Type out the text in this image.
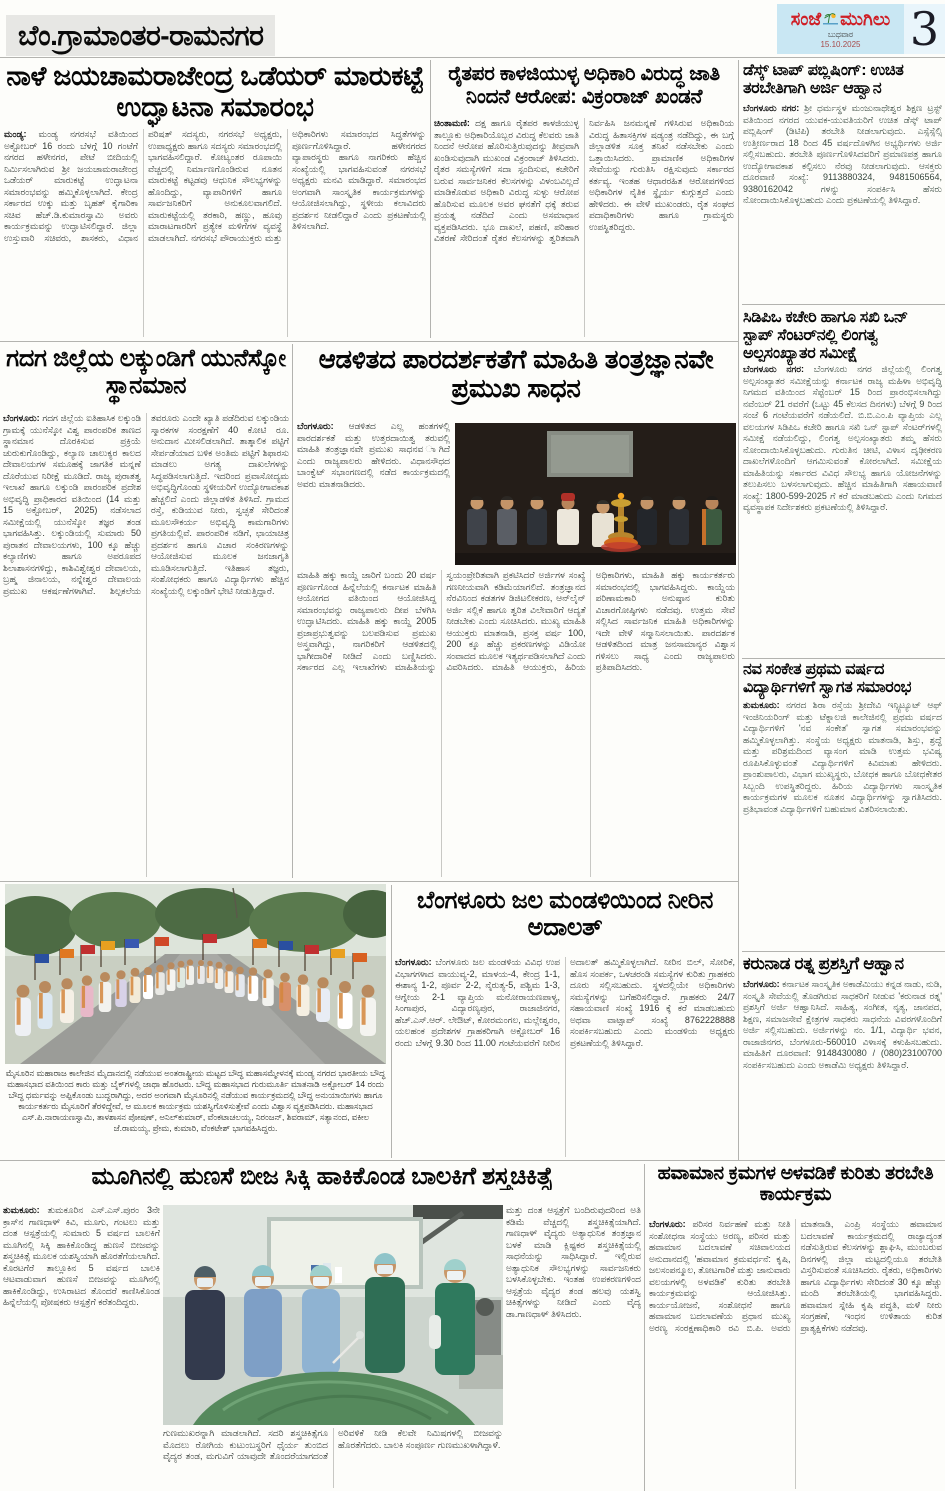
ಬೆಂ.ಗ್ರಾಮಾಂತರ-ರಾಮನಗರ
ಸಂಜೆ ಮುಗಿಲು
ಬುಧವಾರ
15.10.2025 3
ನಾಳೆ ಜಯಚಾಮರಾಜೇಂದ್ರ ಒಡೆಯರ್ ಮಾರುಕಟ್ಟೆ ಉದ್ಘಾಟನಾ ಸಮಾರಂಭ
ಮಂಡ್ಯ: ಮಂಡ್ಯ ನಗರಸಭೆ ವತಿಯಿಂದ ಅಕ್ಟೋಬರ್ 16 ರಂದು ಬೆಳಗ್ಗೆ 10 ಗಂಟೆಗೆ ನಗರದ ಹಳೇನಗರ, ಪೇಟೆ ಬೀದಿಯಲ್ಲಿ ನಿರ್ಮಿಸಲಾಗಿರುವ ಶ್ರೀ ಜಯಚಾಮರಾಜೇಂದ್ರ ಒಡೆಯರ್ ಮಾರುಕಟ್ಟೆ ಉದ್ಘಾಟನಾ ಸಮಾರಂಭವನ್ನು ಹಮ್ಮಿಕೊಳ್ಳಲಾಗಿದೆ. ಕೇಂದ್ರ ಸರ್ಕಾರದ ಉಕ್ಕು ಮತ್ತು ಬೃಹತ್ ಕೈಗಾರಿಕಾ ಸಚಿವ ಹೆಚ್.ಡಿ.ಕುಮಾರಸ್ವಾಮಿ ಅವರು ಕಾರ್ಯಕ್ರಮವನ್ನು ಉದ್ಘಾಟಿಸಲಿದ್ದಾರೆ. ಜಿಲ್ಲಾ ಉಸ್ತುವಾರಿ ಸಚಿವರು, ಶಾಸಕರು, ವಿಧಾನ ಪರಿಷತ್ ಸದಸ್ಯರು, ನಗರಸಭೆ ಅಧ್ಯಕ್ಷರು, ಉಪಾಧ್ಯಕ್ಷರು ಹಾಗೂ ಸದಸ್ಯರು ಸಮಾರಂಭದಲ್ಲಿ ಭಾಗವಹಿಸಲಿದ್ದಾರೆ. ಕೋಟ್ಯಂತರ ರೂಪಾಯಿ ವೆಚ್ಚದಲ್ಲಿ ನಿರ್ಮಾಣಗೊಂಡಿರುವ ನೂತನ ಮಾರುಕಟ್ಟೆ ಕಟ್ಟಡವು ಆಧುನಿಕ ಸೌಲಭ್ಯಗಳನ್ನು ಹೊಂದಿದ್ದು, ವ್ಯಾಪಾರಿಗಳಿಗೆ ಹಾಗೂ ಸಾರ್ವಜನಿಕರಿಗೆ ಅನುಕೂಲವಾಗಲಿದೆ. ಮಾರುಕಟ್ಟೆಯಲ್ಲಿ ತರಕಾರಿ, ಹಣ್ಣು, ಹೂವು ಮಾರಾಟಗಾರರಿಗೆ ಪ್ರತ್ಯೇಕ ಮಳಿಗೆಗಳ ವ್ಯವಸ್ಥೆ ಮಾಡಲಾಗಿದೆ. ನಗರಸಭೆ ಪೌರಾಯುಕ್ತರು ಮತ್ತು ಅಧಿಕಾರಿಗಳು ಸಮಾರಂಭದ ಸಿದ್ಧತೆಗಳನ್ನು ಪೂರ್ಣಗೊಳಿಸಿದ್ದಾರೆ. ಹಳೇನಗರದ ವ್ಯಾಪಾರಸ್ಥರು ಹಾಗೂ ನಾಗರಿಕರು ಹೆಚ್ಚಿನ ಸಂಖ್ಯೆಯಲ್ಲಿ ಭಾಗವಹಿಸುವಂತೆ ನಗರಸಭೆ ಅಧ್ಯಕ್ಷರು ಮನವಿ ಮಾಡಿದ್ದಾರೆ. ಸಮಾರಂಭದ ಅಂಗವಾಗಿ ಸಾಂಸ್ಕೃತಿಕ ಕಾರ್ಯಕ್ರಮಗಳನ್ನು ಆಯೋಜಿಸಲಾಗಿದ್ದು, ಸ್ಥಳೀಯ ಕಲಾವಿದರು ಪ್ರದರ್ಶನ ನೀಡಲಿದ್ದಾರೆ ಎಂದು ಪ್ರಕಟಣೆಯಲ್ಲಿ ತಿಳಿಸಲಾಗಿದೆ.
ರೈತಪರ ಕಾಳಜಿಯುಳ್ಳ ಅಧಿಕಾರಿ ವಿರುದ್ಧ ಜಾತಿ ನಿಂದನೆ ಆರೋಪ: ವಿಕ್ರಂರಾಜ್ ಖಂಡನೆ
ಚಿಂತಾಮಣಿ: ದಕ್ಷ ಹಾಗೂ ರೈತಪರ ಕಾಳಜಿಯುಳ್ಳ ತಾಲ್ಲೂಕು ಅಧಿಕಾರಿಯೊಬ್ಬರ ವಿರುದ್ಧ ಕೆಲವರು ಜಾತಿ ನಿಂದನೆ ಆರೋಪ ಹೊರಿಸುತ್ತಿರುವುದನ್ನು ತೀವ್ರವಾಗಿ ಖಂಡಿಸುವುದಾಗಿ ಮುಖಂಡ ವಿಕ್ರಂರಾಜ್ ತಿಳಿಸಿದರು. ರೈತರ ಸಮಸ್ಯೆಗಳಿಗೆ ಸದಾ ಸ್ಪಂದಿಸುವ, ಕಚೇರಿಗೆ ಬರುವ ಸಾರ್ವಜನಿಕರ ಕೆಲಸಗಳನ್ನು ವಿಳಂಬವಿಲ್ಲದೆ ಮಾಡಿಕೊಡುವ ಅಧಿಕಾರಿ ವಿರುದ್ಧ ಸುಳ್ಳು ಆರೋಪ ಹೊರಿಸುವ ಮೂಲಕ ಅವರ ಘನತೆಗೆ ಧಕ್ಕೆ ತರುವ ಪ್ರಯತ್ನ ನಡೆದಿದೆ ಎಂದು ಅಸಮಾಧಾನ ವ್ಯಕ್ತಪಡಿಸಿದರು. ಭೂ ದಾಖಲೆ, ಪಹಣಿ, ಪರಿಹಾರ ವಿತರಣೆ ಸೇರಿದಂತೆ ರೈತರ ಕೆಲಸಗಳನ್ನು ತ್ವರಿತವಾಗಿ ನಿರ್ವಹಿಸಿ ಜನಮನ್ನಣೆ ಗಳಿಸಿರುವ ಅಧಿಕಾರಿಯ ವಿರುದ್ಧ ಹಿತಾಸಕ್ತಿಗಳ ಷಡ್ಯಂತ್ರ ನಡೆದಿದ್ದು, ಈ ಬಗ್ಗೆ ಜಿಲ್ಲಾಡಳಿತ ಸೂಕ್ತ ತನಿಖೆ ನಡೆಸಬೇಕು ಎಂದು ಒತ್ತಾಯಿಸಿದರು. ಪ್ರಾಮಾಣಿಕ ಅಧಿಕಾರಿಗಳ ಸೇವೆಯನ್ನು ಗುರುತಿಸಿ ರಕ್ಷಿಸುವುದು ಸರ್ಕಾರದ ಕರ್ತವ್ಯ. ಇಂತಹ ಆಧಾರರಹಿತ ಆರೋಪಗಳಿಂದ ಅಧಿಕಾರಿಗಳ ನೈತಿಕ ಸ್ಥೈರ್ಯ ಕುಗ್ಗುತ್ತದೆ ಎಂದು ಹೇಳಿದರು. ಈ ವೇಳೆ ಮುಖಂಡರು, ರೈತ ಸಂಘದ ಪದಾಧಿಕಾರಿಗಳು ಹಾಗೂ ಗ್ರಾಮಸ್ಥರು ಉಪಸ್ಥಿತರಿದ್ದರು.
ಡೆಸ್ಕ್ ಟಾಪ್ ಪಬ್ಲಿಷಿಂಗ್: ಉಚಿತ ತರಬೇತಿಗಾಗಿ ಅರ್ಜಿ ಆಹ್ವಾನ
ಬೆಂಗಳೂರು ನಗರ: ಶ್ರೀ ಧರ್ಮಸ್ಥಳ ಮಂಜುನಾಥೇಶ್ವರ ಶಿಕ್ಷಣ ಟ್ರಸ್ಟ್ ವತಿಯಿಂದ ನಗರದ ಯುವಕ-ಯುವತಿಯರಿಗೆ ಉಚಿತ ಡೆಸ್ಕ್ ಟಾಪ್ ಪಬ್ಲಿಷಿಂಗ್ (ಡಿಟಿಪಿ) ತರಬೇತಿ ನೀಡಲಾಗುವುದು. ಎಸ್ಸೆಸ್ಸೆಲ್ಸಿ ಉತ್ತೀರ್ಣರಾದ 18 ರಿಂದ 45 ವರ್ಷದೊಳಗಿನ ಅಭ್ಯರ್ಥಿಗಳು ಅರ್ಜಿ ಸಲ್ಲಿಸಬಹುದು. ತರಬೇತಿ ಪೂರ್ಣಗೊಳಿಸಿದವರಿಗೆ ಪ್ರಮಾಣಪತ್ರ ಹಾಗೂ ಉದ್ಯೋಗಾವಕಾಶ ಕಲ್ಪಿಸಲು ನೆರವು ನೀಡಲಾಗುವುದು. ಆಸಕ್ತರು ದೂರವಾಣಿ ಸಂಖ್ಯೆ: 9113880324, 9481506564, 9380162042 ಗಳನ್ನು ಸಂಪರ್ಕಿಸಿ ಹೆಸರು ನೋಂದಾಯಿಸಿಕೊಳ್ಳಬಹುದು ಎಂದು ಪ್ರಕಟಣೆಯಲ್ಲಿ ತಿಳಿಸಿದ್ದಾರೆ.
ಸಿಡಿಪಿಒ ಕಚೇರಿ ಹಾಗೂ ಸಖಿ ಒನ್ ಸ್ಟಾಪ್ ಸೆಂಟರ್‌ನಲ್ಲಿ ಲಿಂಗತ್ವ ಅಲ್ಪಸಂಖ್ಯಾತರ ಸಮೀಕ್ಷೆ
ಬೆಂಗಳೂರು ನಗರ: ಬೆಂಗಳೂರು ನಗರ ಜಿಲ್ಲೆಯಲ್ಲಿ ಲಿಂಗತ್ವ ಅಲ್ಪಸಂಖ್ಯಾತರ ಸಮೀಕ್ಷೆಯನ್ನು ಕರ್ನಾಟಕ ರಾಜ್ಯ ಮಹಿಳಾ ಅಭಿವೃದ್ಧಿ ನಿಗಮದ ವತಿಯಿಂದ ಸೆಪ್ಟೆಂಬರ್ 15 ರಿಂದ ಪ್ರಾರಂಭಿಸಲಾಗಿದ್ದು ನವೆಂಬರ್ 21 ರವರೆಗೆ (ಒಟ್ಟು 45 ಕೆಲಸದ ದಿನಗಳು) ಬೆಳಗ್ಗೆ 9 ರಿಂದ ಸಂಜೆ 6 ಗಂಟೆಯವರೆಗೆ ನಡೆಯಲಿದೆ. ಬಿ.ಬಿ.ಎಂ.ಪಿ ವ್ಯಾಪ್ತಿಯ ಎಲ್ಲ ವಲಯಗಳ ಸಿಡಿಪಿಒ ಕಚೇರಿ ಹಾಗೂ ಸಖಿ ಒನ್ ಸ್ಟಾಪ್ ಸೆಂಟರ್‌ಗಳಲ್ಲಿ ಸಮೀಕ್ಷೆ ನಡೆಯಲಿದ್ದು, ಲಿಂಗತ್ವ ಅಲ್ಪಸಂಖ್ಯಾತರು ತಮ್ಮ ಹೆಸರು ನೋಂದಾಯಿಸಿಕೊಳ್ಳಬಹುದು. ಗುರುತಿನ ಚೀಟಿ, ವಿಳಾಸ ದೃಢೀಕರಣ ದಾಖಲೆಗಳೊಂದಿಗೆ ಆಗಮಿಸುವಂತೆ ಕೋರಲಾಗಿದೆ. ಸಮೀಕ್ಷೆಯ ಮಾಹಿತಿಯನ್ನು ಸರ್ಕಾರದ ವಿವಿಧ ಸೌಲಭ್ಯ ಹಾಗೂ ಯೋಜನೆಗಳನ್ನು ತಲುಪಿಸಲು ಬಳಸಲಾಗುವುದು. ಹೆಚ್ಚಿನ ಮಾಹಿತಿಗಾಗಿ ಸಹಾಯವಾಣಿ ಸಂಖ್ಯೆ: 1800-599-2025 ಗೆ ಕರೆ ಮಾಡಬಹುದು ಎಂದು ನಿಗಮದ ವ್ಯವಸ್ಥಾಪಕ ನಿರ್ದೇಶಕರು ಪ್ರಕಟಣೆಯಲ್ಲಿ ತಿಳಿಸಿದ್ದಾರೆ.
ನವ ಸಂಕೇತ ಪ್ರಥಮ ವರ್ಷದ ವಿದ್ಯಾರ್ಥಿಗಳಿಗೆ ಸ್ವಾಗತ ಸಮಾರಂಭ
ತುಮಕೂರು: ನಗರದ ಶಿರಾ ರಸ್ತೆಯ ಶ್ರೀದೇವಿ ಇನ್ಸ್ಟಿಟ್ಯೂಟ್ ಆಫ್ ಇಂಜಿನಿಯರಿಂಗ್ ಮತ್ತು ಟೆಕ್ನಾಲಜಿ ಕಾಲೇಜಿನಲ್ಲಿ ಪ್ರಥಮ ವರ್ಷದ ವಿದ್ಯಾರ್ಥಿಗಳಿಗೆ 'ನವ ಸಂಕೇತ' ಸ್ವಾಗತ ಸಮಾರಂಭವನ್ನು ಹಮ್ಮಿಕೊಳ್ಳಲಾಗಿತ್ತು. ಸಂಸ್ಥೆಯ ಅಧ್ಯಕ್ಷರು ಮಾತನಾಡಿ, ಶಿಸ್ತು, ಶ್ರದ್ಧೆ ಮತ್ತು ಪರಿಶ್ರಮದಿಂದ ವ್ಯಾಸಂಗ ಮಾಡಿ ಉತ್ತಮ ಭವಿಷ್ಯ ರೂಪಿಸಿಕೊಳ್ಳುವಂತೆ ವಿದ್ಯಾರ್ಥಿಗಳಿಗೆ ಕಿವಿಮಾತು ಹೇಳಿದರು. ಪ್ರಾಂಶುಪಾಲರು, ವಿಭಾಗ ಮುಖ್ಯಸ್ಥರು, ಬೋಧಕ ಹಾಗೂ ಬೋಧಕೇತರ ಸಿಬ್ಬಂದಿ ಉಪಸ್ಥಿತರಿದ್ದರು. ಹಿರಿಯ ವಿದ್ಯಾರ್ಥಿಗಳು ಸಾಂಸ್ಕೃತಿಕ ಕಾರ್ಯಕ್ರಮಗಳ ಮೂಲಕ ನೂತನ ವಿದ್ಯಾರ್ಥಿಗಳನ್ನು ಸ್ವಾಗತಿಸಿದರು. ಪ್ರತಿಭಾವಂತ ವಿದ್ಯಾರ್ಥಿಗಳಿಗೆ ಬಹುಮಾನ ವಿತರಿಸಲಾಯಿತು.
ಕರುನಾಡ ರತ್ನ ಪ್ರಶಸ್ತಿಗೆ ಆಹ್ವಾನ
ಬೆಂಗಳೂರು: ಕರ್ನಾಟಕ ಸಾಂಸ್ಕೃತಿಕ ಅಕಾಡೆಮಿಯು ಕನ್ನಡ ನಾಡು, ನುಡಿ, ಸಂಸ್ಕೃತಿ ಸೇವೆಯಲ್ಲಿ ತೊಡಗಿರುವ ಸಾಧಕರಿಗೆ ನೀಡುವ 'ಕರುನಾಡ ರತ್ನ' ಪ್ರಶಸ್ತಿಗೆ ಅರ್ಜಿ ಆಹ್ವಾನಿಸಿದೆ. ಸಾಹಿತ್ಯ, ಸಂಗೀತ, ನೃತ್ಯ, ಜಾನಪದ, ಶಿಕ್ಷಣ, ಸಮಾಜಸೇವೆ ಕ್ಷೇತ್ರಗಳ ಸಾಧಕರು ಸಾಧನೆಯ ವಿವರಗಳೊಂದಿಗೆ ಅರ್ಜಿ ಸಲ್ಲಿಸಬಹುದು. ಅರ್ಜಿಗಳನ್ನು ನಂ. 1/1, ವಿದ್ಯಾರ್ಥಿ ಭವನ, ರಾಜಾಜಿನಗರ, ಬೆಂಗಳೂರು-560010 ವಿಳಾಸಕ್ಕೆ ಕಳುಹಿಸಬಹುದು. ಮಾಹಿತಿಗೆ ದೂರವಾಣಿ: 9148430080 / (080)23100700 ಸಂಪರ್ಕಿಸಬಹುದು ಎಂದು ಅಕಾಡೆಮಿ ಅಧ್ಯಕ್ಷರು ತಿಳಿಸಿದ್ದಾರೆ.
ಗದಗ ಜಿಲ್ಲೆಯ ಲಕ್ಕುಂಡಿಗೆ ಯುನೆಸ್ಕೋ ಸ್ಥಾನಮಾನ
ಬೆಂಗಳೂರು: ಗದಗ ಜಿಲ್ಲೆಯ ಐತಿಹಾಸಿಕ ಲಕ್ಕುಂಡಿ ಗ್ರಾಮಕ್ಕೆ ಯುನೆಸ್ಕೋ ವಿಶ್ವ ಪಾರಂಪರಿಕ ತಾಣದ ಸ್ಥಾನಮಾನ ದೊರಕಿಸುವ ಪ್ರಕ್ರಿಯೆ ಚುರುಕುಗೊಂಡಿದ್ದು, ಕಲ್ಯಾಣ ಚಾಲುಕ್ಯರ ಕಾಲದ ದೇವಾಲಯಗಳ ಸಮೂಹಕ್ಕೆ ಜಾಗತಿಕ ಮನ್ನಣೆ ದೊರೆಯುವ ನಿರೀಕ್ಷೆ ಮೂಡಿದೆ. ರಾಜ್ಯ ಪುರಾತತ್ವ ಇಲಾಖೆ ಹಾಗೂ ಲಕ್ಕುಂಡಿ ಪಾರಂಪರಿಕ ಪ್ರದೇಶ ಅಭಿವೃದ್ಧಿ ಪ್ರಾಧಿಕಾರದ ವತಿಯಿಂದ (14 ಮತ್ತು 15 ಅಕ್ಟೋಬರ್, 2025) ನಡೆಸಲಾದ ಸಮೀಕ್ಷೆಯಲ್ಲಿ ಯುನೆಸ್ಕೋ ತಜ್ಞರ ತಂಡ ಭಾಗವಹಿಸಿತ್ತು. ಲಕ್ಕುಂಡಿಯಲ್ಲಿ ಸುಮಾರು 50 ಪುರಾತನ ದೇವಾಲಯಗಳು, 100 ಕ್ಕೂ ಹೆಚ್ಚು ಕಲ್ಯಾಣಿಗಳು ಹಾಗೂ ಅಪರೂಪದ ಶಿಲಾಶಾಸನಗಳಿದ್ದು, ಕಾಶಿವಿಶ್ವೇಶ್ವರ ದೇವಾಲಯ, ಬ್ರಹ್ಮ ಜಿನಾಲಯ, ನನ್ನೇಶ್ವರ ದೇವಾಲಯ ಪ್ರಮುಖ ಆಕರ್ಷಣೆಗಳಾಗಿವೆ. ಶಿಲ್ಪಕಲೆಯ ತವರೂರು ಎಂದೇ ಖ್ಯಾತಿ ಪಡೆದಿರುವ ಲಕ್ಕುಂಡಿಯ ಸ್ಮಾರಕಗಳ ಸಂರಕ್ಷಣೆಗೆ 40 ಕೋಟಿ ರೂ. ಅನುದಾನ ಮೀಸಲಿಡಲಾಗಿದೆ. ತಾತ್ಕಾಲಿಕ ಪಟ್ಟಿಗೆ ಸೇರ್ಪಡೆಯಾದ ಬಳಿಕ ಅಂತಿಮ ಪಟ್ಟಿಗೆ ಶಿಫಾರಸು ಮಾಡಲು ಅಗತ್ಯ ದಾಖಲೆಗಳನ್ನು ಸಿದ್ಧಪಡಿಸಲಾಗುತ್ತಿದೆ. ಇದರಿಂದ ಪ್ರವಾಸೋದ್ಯಮ ಅಭಿವೃದ್ಧಿಗೊಂಡು ಸ್ಥಳೀಯರಿಗೆ ಉದ್ಯೋಗಾವಕಾಶ ಹೆಚ್ಚಲಿದೆ ಎಂದು ಜಿಲ್ಲಾಡಳಿತ ತಿಳಿಸಿದೆ. ಗ್ರಾಮದ ರಸ್ತೆ, ಕುಡಿಯುವ ನೀರು, ಸ್ವಚ್ಛತೆ ಸೇರಿದಂತೆ ಮೂಲಸೌಕರ್ಯ ಅಭಿವೃದ್ಧಿ ಕಾಮಗಾರಿಗಳು ಪ್ರಗತಿಯಲ್ಲಿವೆ. ಪಾರಂಪರಿಕ ನಡಿಗೆ, ಛಾಯಾಚಿತ್ರ ಪ್ರದರ್ಶನ ಹಾಗೂ ವಿಚಾರ ಸಂಕಿರಣಗಳನ್ನು ಆಯೋಜಿಸುವ ಮೂಲಕ ಜನಜಾಗೃತಿ ಮೂಡಿಸಲಾಗುತ್ತಿದೆ. ಇತಿಹಾಸ ತಜ್ಞರು, ಸಂಶೋಧಕರು ಹಾಗೂ ವಿದ್ಯಾರ್ಥಿಗಳು ಹೆಚ್ಚಿನ ಸಂಖ್ಯೆಯಲ್ಲಿ ಲಕ್ಕುಂಡಿಗೆ ಭೇಟಿ ನೀಡುತ್ತಿದ್ದಾರೆ.
ಆಡಳಿತದ ಪಾರದರ್ಶಕತೆಗೆ ಮಾಹಿತಿ ತಂತ್ರಜ್ಞಾನವೇ ಪ್ರಮುಖ ಸಾಧನ
ಬೆಂಗಳೂರು: ಆಡಳಿತದ ಎಲ್ಲ ಹಂತಗಳಲ್ಲಿ ಪಾರದರ್ಶಕತೆ ಮತ್ತು ಉತ್ತರದಾಯಿತ್ವ ತರುವಲ್ಲಿ ಮಾಹಿತಿ ತಂತ್ರಜ್ಞಾನವೇ ಪ್ರಮುಖ ಸಾಧನವ ಾಗಿದೆ ಎಂದು ರಾಜ್ಯಪಾಲರು ಹೇಳಿದರು. ವಿಧಾನಸೌಧದ ಬಾಂಕ್ವೆಟ್ ಸಭಾಂಗಣದಲ್ಲಿ ನಡೆದ ಕಾರ್ಯಕ್ರಮದಲ್ಲಿ ಅವರು ಮಾತನಾಡಿದರು.
ಮಾಹಿತಿ ಹಕ್ಕು ಕಾಯ್ದೆ ಜಾರಿಗೆ ಬಂದು 20 ವರ್ಷ ಪೂರ್ಣಗೊಂಡ ಹಿನ್ನೆಲೆಯಲ್ಲಿ ಕರ್ನಾಟಕ ಮಾಹಿತಿ ಆಯೋಗದ ವತಿಯಿಂದ ಆಯೋಜಿಸಿದ್ದ ಸಮಾರಂಭವನ್ನು ರಾಜ್ಯಪಾಲರು ದೀಪ ಬೆಳಗಿಸಿ ಉದ್ಘಾಟಿಸಿದರು. ಮಾಹಿತಿ ಹಕ್ಕು ಕಾಯ್ದೆ 2005 ಪ್ರಜಾಪ್ರಭುತ್ವವನ್ನು ಬಲಪಡಿಸುವ ಪ್ರಮುಖ ಅಸ್ತ್ರವಾಗಿದ್ದು, ನಾಗರಿಕರಿಗೆ ಆಡಳಿತದಲ್ಲಿ ಭಾಗೀದಾರಿಕೆ ನೀಡಿದೆ ಎಂದು ಬಣ್ಣಿಸಿದರು. ಸರ್ಕಾರದ ಎಲ್ಲ ಇಲಾಖೆಗಳು ಮಾಹಿತಿಯನ್ನು ಸ್ವಯಂಪ್ರೇರಿತವಾಗಿ ಪ್ರಕಟಿಸಿದರೆ ಅರ್ಜಿಗಳ ಸಂಖ್ಯೆ ಗಣನೀಯವಾಗಿ ಕಡಿಮೆಯಾಗಲಿದೆ. ತಂತ್ರಜ್ಞಾನದ ನೆರವಿನಿಂದ ಕಡತಗಳ ಡಿಜಿಟಲೀಕರಣ, ಆನ್‌ಲೈನ್ ಅರ್ಜಿ ಸಲ್ಲಿಕೆ ಹಾಗೂ ತ್ವರಿತ ವಿಲೇವಾರಿಗೆ ಆದ್ಯತೆ ನೀಡಬೇಕು ಎಂದು ಸೂಚಿಸಿದರು. ಮುಖ್ಯ ಮಾಹಿತಿ ಆಯುಕ್ತರು ಮಾತನಾಡಿ, ಪ್ರಸಕ್ತ ವರ್ಷ 100, 200 ಕ್ಕೂ ಹೆಚ್ಚು ಪ್ರಕರಣಗಳನ್ನು ವಿಡಿಯೋ ಸಂವಾದದ ಮೂಲಕ ಇತ್ಯರ್ಥಪಡಿಸಲಾಗಿದೆ ಎಂದು ವಿವರಿಸಿದರು. ಮಾಹಿತಿ ಆಯುಕ್ತರು, ಹಿರಿಯ ಅಧಿಕಾರಿಗಳು, ಮಾಹಿತಿ ಹಕ್ಕು ಕಾರ್ಯಕರ್ತರು ಸಮಾರಂಭದಲ್ಲಿ ಭಾಗವಹಿಸಿದ್ದರು. ಕಾಯ್ದೆಯ ಪರಿಣಾಮಕಾರಿ ಅನುಷ್ಠಾನ ಕುರಿತು ವಿಚಾರಗೋಷ್ಠಿಗಳು ನಡೆದವು. ಉತ್ತಮ ಸೇವೆ ಸಲ್ಲಿಸಿದ ಸಾರ್ವಜನಿಕ ಮಾಹಿತಿ ಅಧಿಕಾರಿಗಳನ್ನು ಇದೇ ವೇಳೆ ಸನ್ಮಾನಿಸಲಾಯಿತು. ಪಾರದರ್ಶಕ ಆಡಳಿತದಿಂದ ಮಾತ್ರ ಜನಸಾಮಾನ್ಯರ ವಿಶ್ವಾಸ ಗಳಿಸಲು ಸಾಧ್ಯ ಎಂದು ರಾಜ್ಯಪಾಲರು ಪ್ರತಿಪಾದಿಸಿದರು.
ಮೈಸೂರಿನ ಮಹಾರಾಜ ಕಾಲೇಜಿನ ಮೈದಾನದಲ್ಲಿ ನಡೆಯುವ ಅಂತರಾಷ್ಟ್ರೀಯ ಮಟ್ಟದ ಬೌದ್ಧ ಮಹಾಸಮ್ಮೇಳನಕ್ಕೆ ಮಂಡ್ಯ ನಗರದ ಭಾರತೀಯ ಬೌದ್ಧ ಮಹಾಸಭಾದ ವತಿಯಿಂದ ಕಾರು ಮತ್ತು ಬೈಕ್‌ಗಳಲ್ಲಿ ಜಾಥಾ ಹೊರಟರು. ಬೌದ್ಧ ಮಹಾಸಭಾದ ಗುರುಮೂರ್ತಿ ಮಾತನಾಡಿ ಅಕ್ಟೋಬರ್ 14 ರಂದು ಬೌದ್ಧ ಧರ್ಮವನ್ನು ಅಪ್ಪಿಕೊಂಡು ಬುದ್ಧರಾಗಿದ್ದು, ಅದರ ಅಂಗವಾಗಿ ಮೈಸೂರಿನಲ್ಲಿ ನಡೆಯುವ ಕಾರ್ಯಕ್ರಮದಲ್ಲಿ ಬೌದ್ಧ ಅನುಯಾಯಿಗಳು ಹಾಗೂ ಕಾರ್ಯಕರ್ತರು ಮೈಸೂರಿಗೆ ತೆರಳಿದ್ದೇವೆ, ಆ ಮೂಲಕ ಕಾರ್ಯಕ್ರಮ ಯಶಸ್ವಿಗೊಳಿಸುತ್ತೇವೆ ಎಂದು ವಿಶ್ವಾಸ ವ್ಯಕ್ತಪಡಿಸಿದರು. ಮಹಾಸಭಾದ ಎಸ್.ಪಿ.ನಾರಾಯಣಸ್ವಾಮಿ, ತಾಳಶಾಸನ ಪೋಷಣ್, ಅನಿಲ್‌ಕುಮಾರ್, ವೆಂಕಟಾಚಲಯ್ಯ, ನಿರಂಜನ್, ಶಿವರಾಮ್, ಸತ್ಯಾನಂದ, ವಕೀಲ ಜೆ.ರಾಮಯ್ಯ, ಪ್ರೇಮ, ಕುಮಾರಿ, ವೆಂಕಟೇಶ್ ಭಾಗವಹಿಸಿದ್ದರು.
ಬೆಂಗಳೂರು ಜಲ ಮಂಡಳಿಯಿಂದ ನೀರಿನ ಅದಾಲತ್
ಬೆಂಗಳೂರು: ಬೆಂಗಳೂರು ಜಲ ಮಂಡಳಿಯ ವಿವಿಧ ಉಪ ವಿಭಾಗಗಳಾದ ವಾಯುವ್ಯ-2, ಮಾಳಯ-4, ಕೇಂದ್ರ 1-1, ಈಶಾನ್ಯ 1-2, ಪೂರ್ವ 2-2, ನೈರುತ್ಯ-5, ಪಶ್ಚಿಮ 1-3, ಆಗ್ನೇಯ 2-1 ವ್ಯಾಪ್ತಿಯ ಮನೋರಾಯಣಪಾಳ್ಯ, ಸಿಂಗಾಪುರ, ವಿದ್ಯಾರಣ್ಯಪುರ, ರಾಜಾಜಿನಗರ, ಹೆಚ್.ಎಸ್.ಆರ್. ಲೇಔಟ್, ಕೋರಮಂಗಲ, ಮಲ್ಲೇಶ್ವರಂ, ಯಲಹಂಕ ಪ್ರದೇಶಗಳ ಗ್ರಾಹಕರಿಗಾಗಿ ಅಕ್ಟೋಬರ್ 16 ರಂದು ಬೆಳಗ್ಗೆ 9.30 ರಿಂದ 11.00 ಗಂಟೆಯವರೆಗೆ ನೀರಿನ ಅದಾಲತ್ ಹಮ್ಮಿಕೊಳ್ಳಲಾಗಿದೆ. ನೀರಿನ ಬಿಲ್, ಸೋರಿಕೆ, ಹೊಸ ಸಂಪರ್ಕ, ಒಳಚರಂಡಿ ಸಮಸ್ಯೆಗಳ ಕುರಿತು ಗ್ರಾಹಕರು ದೂರು ಸಲ್ಲಿಸಬಹುದು. ಸ್ಥಳದಲ್ಲಿಯೇ ಅಧಿಕಾರಿಗಳು ಸಮಸ್ಯೆಗಳನ್ನು ಬಗೆಹರಿಸಲಿದ್ದಾರೆ. ಗ್ರಾಹಕರು 24/7 ಸಹಾಯವಾಣಿ ಸಂಖ್ಯೆ 1916 ಕ್ಕೆ ಕರೆ ಮಾಡಬಹುದು ಅಥವಾ ವಾಟ್ಸಾಪ್ ಸಂಖ್ಯೆ 8762228888 ಸಂಪರ್ಕಿಸಬಹುದು ಎಂದು ಮಂಡಳಿಯ ಅಧ್ಯಕ್ಷರು ಪ್ರಕಟಣೆಯಲ್ಲಿ ತಿಳಿಸಿದ್ದಾರೆ.
ಮೂಗಿನಲ್ಲಿ ಹುಣಸೆ ಬೀಜ ಸಿಕ್ಕಿ ಹಾಕಿಕೊಂಡ ಬಾಲಕಿಗೆ ಶಸ್ತ್ರಚಿಕಿತ್ಸೆ
ತುಮಕೂರು: ತುಮಕೂರಿನ ಎಸ್.ಎಸ್.ಪುರಂ 3ನೇ ಕ್ರಾಸ್‌ನ ಗಾಣಧಾಳ್ ಕಿವಿ, ಮೂಗು, ಗಂಟಲು ಮತ್ತು ದಂತ ಆಸ್ಪತ್ರೆಯಲ್ಲಿ ಸುಮಾರು 5 ವರ್ಷದ ಬಾಲಕಿಗೆ ಮೂಗಿನಲ್ಲಿ ಸಿಕ್ಕಿ ಹಾಕಿಕೊಂಡಿದ್ದ ಹುಣಸೆ ಬೀಜವನ್ನು ಶಸ್ತ್ರಚಿಕಿತ್ಸೆ ಮೂಲಕ ಯಶಸ್ವಿಯಾಗಿ ಹೊರತೆಗೆಯಲಾಗಿದೆ. ಕೊರಟಗೆರೆ ತಾಲ್ಲೂಕಿನ 5 ವರ್ಷದ ಬಾಲಕಿ ಆಟವಾಡುವಾಗ ಹುಣಸೆ ಬೀಜವನ್ನು ಮೂಗಿನಲ್ಲಿ ಹಾಕಿಕೊಂಡಿದ್ದು, ಉಸಿರಾಟದ ತೊಂದರೆ ಕಾಣಿಸಿಕೊಂಡ ಹಿನ್ನೆಲೆಯಲ್ಲಿ ಪೋಷಕರು ಆಸ್ಪತ್ರೆಗೆ ಕರೆತಂದಿದ್ದರು.
ಗುಣಮುಖರನ್ನಾಗಿ ಮಾಡಲಾಗಿದೆ. ಸದರಿ ಶಸ್ತ್ರಚಿಕಿತ್ಸೆಗೂ ಮೊದಲು ರೋಗಿಯ ಕುಟುಂಬಸ್ಥರಿಗೆ ಧೈರ್ಯ ತುಂಬಿದ ವೈದ್ಯರ ತಂಡ, ಮಗುವಿಗೆ ಯಾವುದೇ ತೊಂದರೆಯಾಗದಂತೆ ಅರಿವಳಿಕೆ ನೀಡಿ ಕೆಲವೇ ನಿಮಿಷಗಳಲ್ಲಿ ಬೀಜವನ್ನು ಹೊರತೆಗೆದರು. ಬಾಲಕಿ ಸಂಪೂರ್ಣ ಗುಣಮುಖಳಾಗಿದ್ದಾಳೆ.
ಮತ್ತು ದಂತ ಆಸ್ಪತ್ರೆಗೆ ಬಂದಿರುವುದರಿಂದ ಅತಿ ಕಡಿಮೆ ವೆಚ್ಚದಲ್ಲಿ ಶಸ್ತ್ರಚಿಕಿತ್ಸೆಯಾಗಿದೆ. ಗಾಣಧಾಳ್ ವೈದ್ಯರು ಅತ್ಯಾಧುನಿಕ ತಂತ್ರಜ್ಞಾನ ಬಳಕೆ ಮಾಡಿ ಕ್ಲಿಷ್ಟಕರ ಶಸ್ತ್ರಚಿಕಿತ್ಸೆಯಲ್ಲಿ ಸಾಧನೆಯನ್ನು ಸಾಧಿಸಿದ್ದಾರೆ. ಇಲ್ಲಿರುವ ಅತ್ಯಾಧುನಿಕ ಸೌಲಭ್ಯಗಳನ್ನು ಸಾರ್ವಜನಿಕರು ಬಳಸಿಕೊಳ್ಳಬೇಕು. ಇಂತಹ ಉಪಕರಣಗಳಿಂದ ಆಸ್ಪತ್ರೆಯ ವೈದ್ಯರ ತಂಡ ಹಲವು ಯಶಸ್ವಿ ಚಿಕಿತ್ಸೆಗಳನ್ನು ನೀಡಿದೆ ಎಂದು ವೈದ್ಯ ಡಾ.ಗಾಣಧಾಳ್ ತಿಳಿಸಿದರು.
ಹವಾಮಾನ ಕ್ರಮಗಳ ಅಳವಡಿಕೆ ಕುರಿತು ತರಬೇತಿ ಕಾರ್ಯಕ್ರಮ
ಬೆಂಗಳೂರು: ಪರಿಸರ ನಿರ್ವಹಣೆ ಮತ್ತು ನೀತಿ ಸಂಶೋಧನಾ ಸಂಸ್ಥೆಯು ಅರಣ್ಯ, ಪರಿಸರ ಮತ್ತು ಹವಾಮಾನ ಬದಲಾವಣೆ ಸಚಿವಾಲಯದ ಅನುದಾನದಲ್ಲಿ 'ಹವಾಮಾನ ಕ್ರಮವರ್ಧನೆ: ಕೃಷಿ, ಜಲಸಂಪನ್ಮೂಲ, ತೋಟಗಾರಿಕೆ ಮತ್ತು ಜಾನುವಾರು ವಲಯಗಳಲ್ಲಿ ಅಳವಡಿಕೆ' ಕುರಿತು ತರಬೇತಿ ಕಾರ್ಯಕ್ರಮವನ್ನು ಆಯೋಜಿಸಿತ್ತು. ಕಾರ್ಯಯೋಜನೆ, ಸಂಶೋಧನೆ ಹಾಗೂ ಹವಾಮಾನ ಬದಲಾವಣೆಯ ಪ್ರಧಾನ ಮುಖ್ಯ ಅರಣ್ಯ ಸಂರಕ್ಷಣಾಧಿಕಾರಿ ರವಿ ಬಿ.ಪಿ. ಅವರು ಮಾತನಾಡಿ, ಎಂಪ್ರಿ ಸಂಸ್ಥೆಯು ಹವಾಮಾನ ಬದಲಾವಣೆ ಕಾರ್ಯಕ್ರಮದಲ್ಲಿ ರಾಜ್ಯಾದ್ಯಂತ ನಡೆಸುತ್ತಿರುವ ಕೆಲಸಗಳನ್ನು ಶ್ಲಾಘಿಸಿ, ಮುಂಬರುವ ದಿನಗಳಲ್ಲಿ ಜಿಲ್ಲಾ ಮಟ್ಟದಲ್ಲಿಯೂ ತರಬೇತಿ ವಿಸ್ತರಿಸುವಂತೆ ಸೂಚಿಸಿದರು. ರೈತರು, ಅಧಿಕಾರಿಗಳು ಹಾಗೂ ವಿದ್ಯಾರ್ಥಿಗಳು ಸೇರಿದಂತೆ 30 ಕ್ಕೂ ಹೆಚ್ಚು ಮಂದಿ ತರಬೇತಿಯಲ್ಲಿ ಭಾಗವಹಿಸಿದ್ದರು. ಹವಾಮಾನ ಸ್ನೇಹಿ ಕೃಷಿ ಪದ್ಧತಿ, ಮಳೆ ನೀರು ಸಂಗ್ರಹಣೆ, ಇಂಧನ ಉಳಿತಾಯ ಕುರಿತ ಪ್ರಾತ್ಯಕ್ಷಿಕೆಗಳು ನಡೆದವು.
